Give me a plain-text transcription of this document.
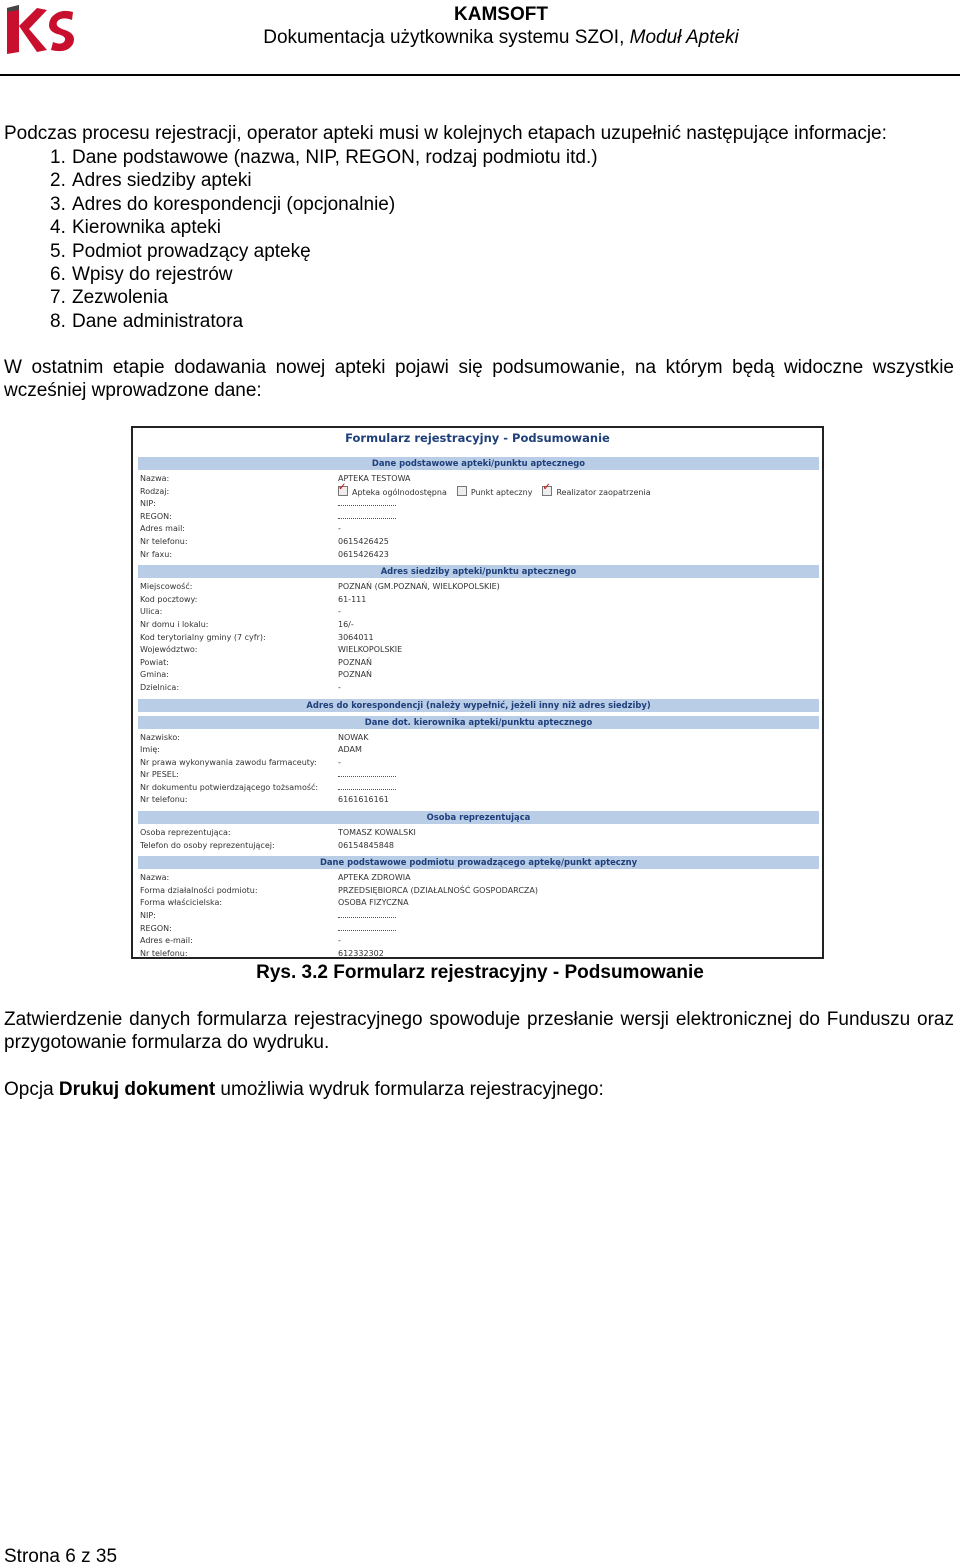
KAMSOFT
Dokumentacja użytkownika systemu SZOI, Moduł Apteki
Podczas procesu rejestracji, operator apteki musi w kolejnych etapach uzupełnić następujące informacje:
1. Dane podstawowe (nazwa, NIP, REGON, rodzaj podmiotu itd.)
2. Adres siedziby apteki
3. Adres do korespondencji (opcjonalnie)
4. Kierownika apteki
5. Podmiot prowadzący aptekę
6. Wpisy do rejestrów
7. Zezwolenia
8. Dane administratora
W ostatnim etapie dodawania nowej apteki pojawi się podsumowanie, na którym będą widoczne wszystkie wcześniej wprowadzone dane:
Formularz rejestracyjny - Podsumowanie
Dane podstawowe apteki/punktu aptecznego
Nazwa:	APTEKA TESTOWA
Rodzaj: ✓	Apteka ogólnodostępna	Punkt apteczny ✓	Realizator zaopatrzenia
NIP:
REGON:
Adres mail:	-
Nr telefonu:	0615426425
Nr faxu:	0615426423
Adres siedziby apteki/punktu aptecznego
Miejscowość:	POZNAŃ (GM.POZNAŃ, WIELKOPOLSKIE)
Kod pocztowy:	61-111
Ulica:	-
Nr domu i lokalu:	16/-
Kod terytorialny gminy (7 cyfr):	3064011
Województwo:	WIELKOPOLSKIE
Powiat:	POZNAŃ
Gmina:	POZNAŃ
Dzielnica:	-
Adres do korespondencji (należy wypełnić, jeżeli inny niż adres siedziby)
Dane dot. kierownika apteki/punktu aptecznego
Nazwisko:	NOWAK
Imię:	ADAM
Nr prawa wykonywania zawodu farmaceuty:	-
Nr PESEL:
Nr dokumentu potwierdzającego tożsamość:
Nr telefonu:	6161616161
Osoba reprezentująca
Osoba reprezentująca:	TOMASZ KOWALSKI
Telefon do osoby reprezentującej:	06154845848
Dane podstawowe podmiotu prowadzącego aptekę/punkt apteczny
Nazwa:	APTEKA ZDROWIA
Forma działalności podmiotu:	PRZEDSIĘBIORCA (DZIAŁALNOŚĆ GOSPODARCZA)
Forma właścicielska:	OSOBA FIZYCZNA
NIP:
REGON:
Adres e-mail:	-
Nr telefonu:	612332302
Rys. 3.2 Formularz rejestracyjny - Podsumowanie
Zatwierdzenie danych formularza rejestracyjnego spowoduje przesłanie wersji elektronicznej do Funduszu oraz przygotowanie formularza do wydruku.
Opcja Drukuj dokument umożliwia wydruk formularza rejestracyjnego:
Strona 6 z 35
